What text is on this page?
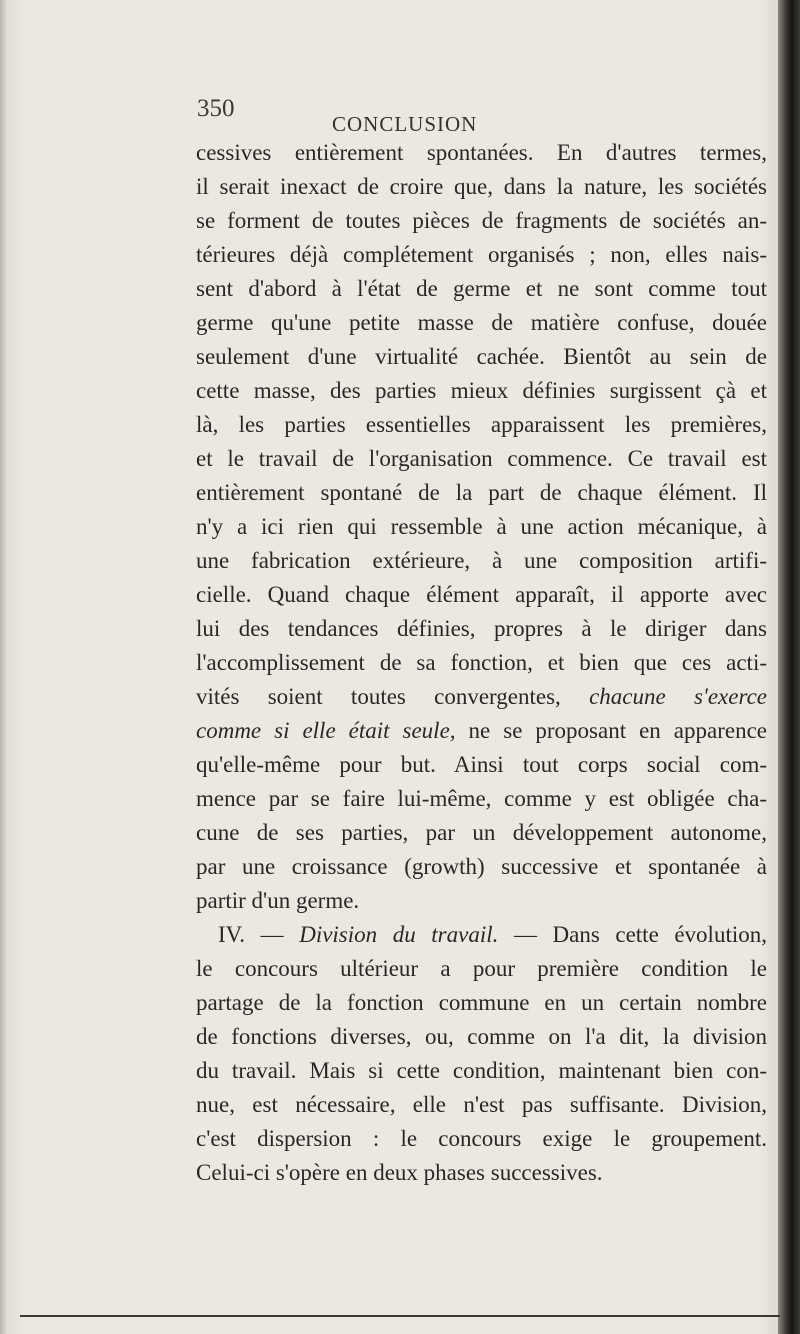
350
CONCLUSION
cessives entièrement spontanées. En d'autres termes,
il serait inexact de croire que, dans la nature, les sociétés
se forment de toutes pièces de fragments de sociétés an-
térieures déjà complétement organisés ; non, elles nais-
sent d'abord à l'état de germe et ne sont comme tout
germe qu'une petite masse de matière confuse, douée
seulement d'une virtualité cachée. Bientôt au sein de
cette masse, des parties mieux définies surgissent çà et
là, les parties essentielles apparaissent les premières,
et le travail de l'organisation commence. Ce travail est
entièrement spontané de la part de chaque élément. Il
n'y a ici rien qui ressemble à une action mécanique, à
une fabrication extérieure, à une composition artifi-
cielle. Quand chaque élément apparaît, il apporte avec
lui des tendances définies, propres à le diriger dans
l'accomplissement de sa fonction, et bien que ces acti-
vités soient toutes convergentes, chacune s'exerce
comme si elle était seule, ne se proposant en apparence
qu'elle-même pour but. Ainsi tout corps social com-
mence par se faire lui-même, comme y est obligée cha-
cune de ses parties, par un développement autonome,
par une croissance (growth) successive et spontanée à
partir d'un germe.
IV. — Division du travail. — Dans cette évolution,
le concours ultérieur a pour première condition le
partage de la fonction commune en un certain nombre
de fonctions diverses, ou, comme on l'a dit, la division
du travail. Mais si cette condition, maintenant bien con-
nue, est nécessaire, elle n'est pas suffisante. Division,
c'est dispersion : le concours exige le groupement.
Celui-ci s'opère en deux phases successives.
